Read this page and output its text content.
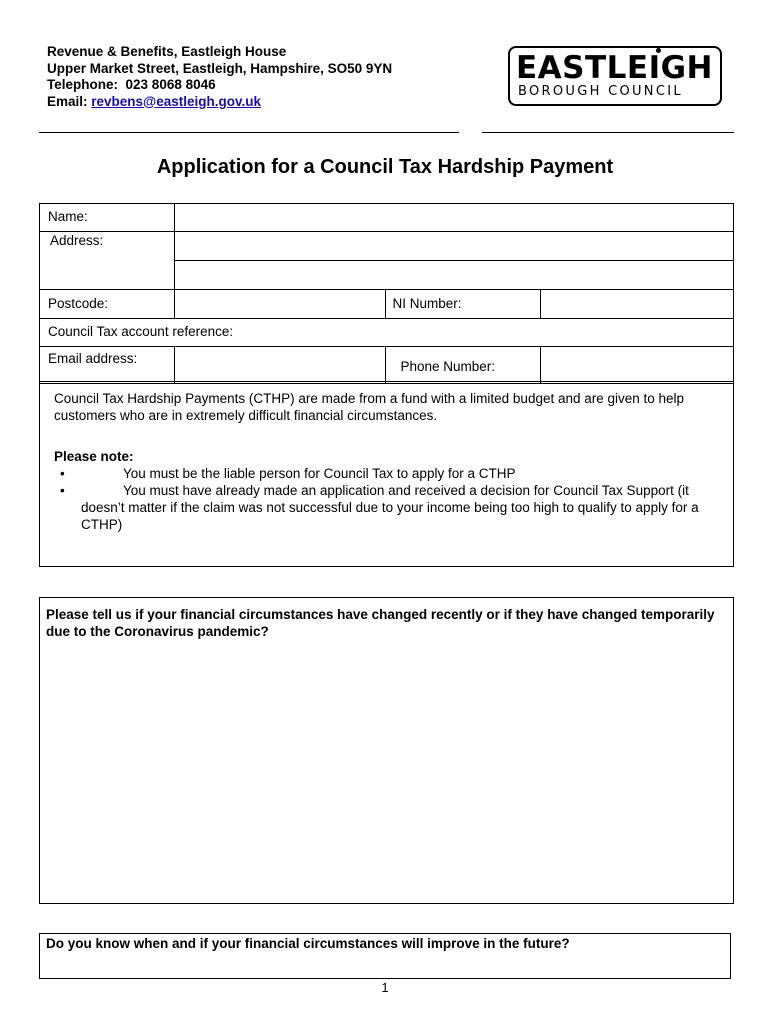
Revenue & Benefits, Eastleigh House
Upper Market Street, Eastleigh, Hampshire, SO50 9YN
Telephone: 023 8068 8046
Email: revbens@eastleigh.gov.uk
EASTLEIGH
BOROUGH COUNCIL
Application for a Council Tax Hardship Payment
Name:			
Address:			

Postcode:		NI Number:	
Council Tax account reference:			
Email address:		Phone Number:	

Council Tax Hardship Payments (CTHP) are made from a fund with a limited budget and are given to help customers who are in extremely difficult financial circumstances.

Please note:

•	You must be the liable person for Council Tax to apply for a CTHP
•	You must have already made an application and received a decision for Council Tax Support (it doesn’t matter if the claim was not successful due to your income being too high to qualify to apply for a CTHP)
Please tell us if your financial circumstances have changed recently or if they have changed temporarily due to the Coronavirus pandemic?
Do you know when and if your financial circumstances will improve in the future?
1
